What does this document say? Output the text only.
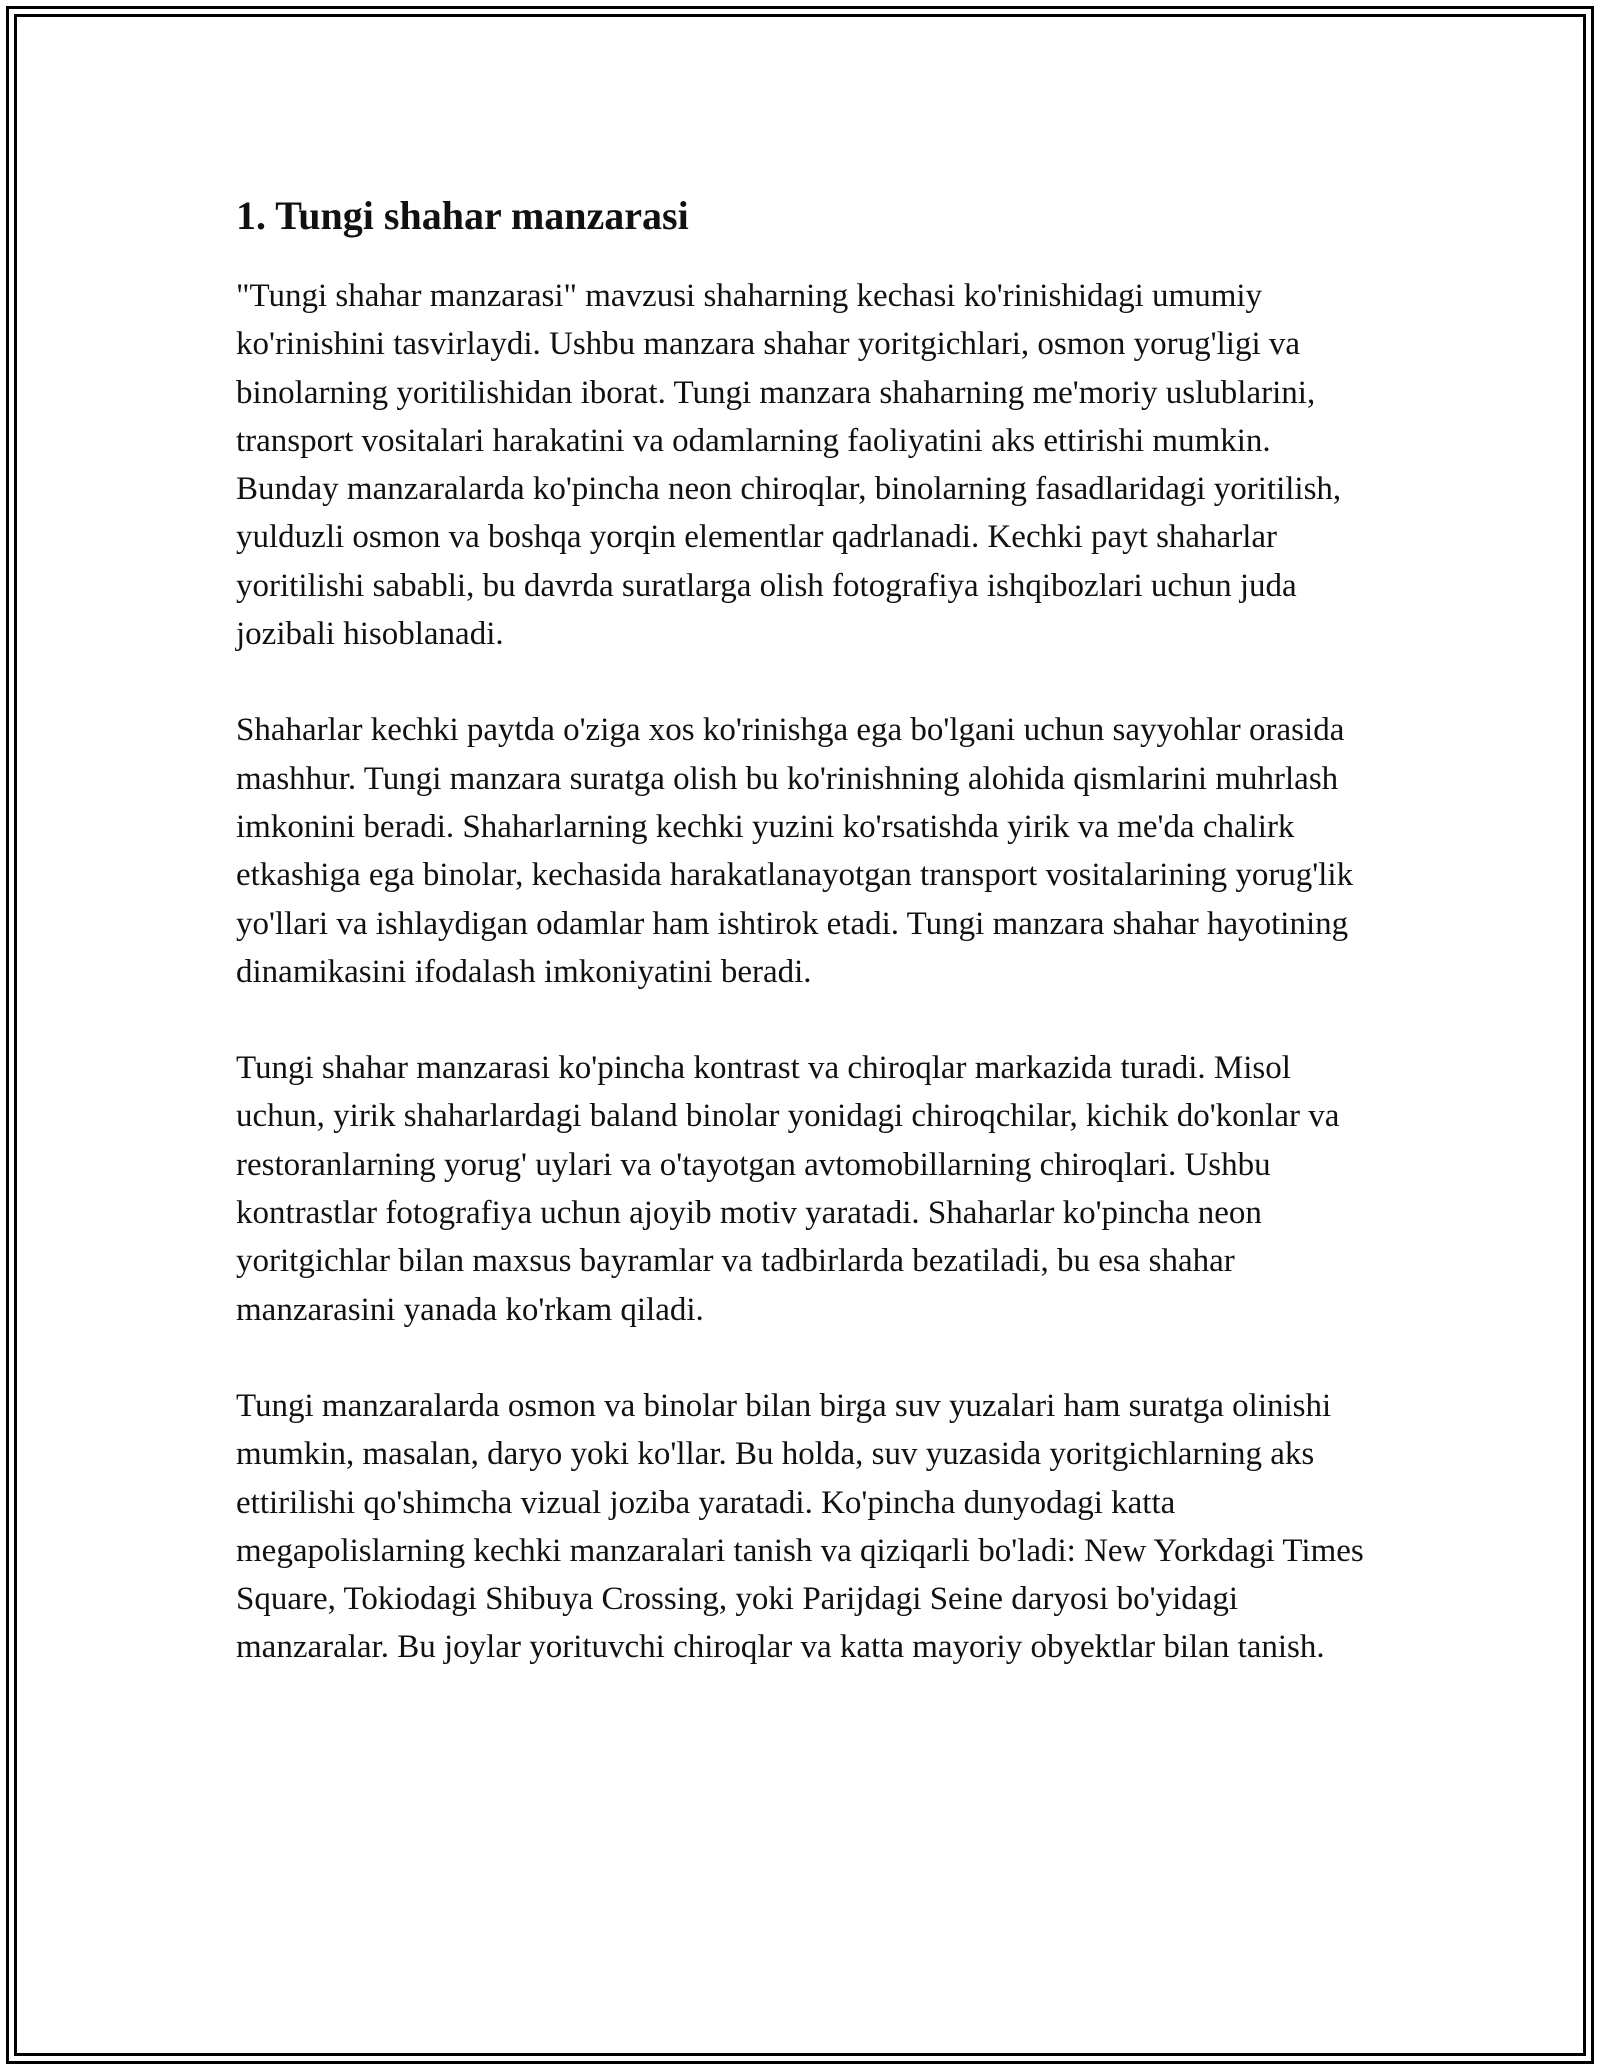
1. Tungi shahar manzarasi

"Tungi shahar manzarasi" mavzusi shaharning kechasi ko'rinishidagi umumiy ko'rinishini tasvirlaydi. Ushbu manzara shahar yoritgichlari, osmon yorug'ligi va binolarning yoritilishidan iborat. Tungi manzara shaharning me'moriy uslublarini, transport vositalari harakatini va odamlarning faoliyatini aks ettirishi mumkin. Bunday manzaralarda ko'pincha neon chiroqlar, binolarning fasadlaridagi yoritilish, yulduzli osmon va boshqa yorqin elementlar qadrlanadi. Kechki payt shaharlar yoritilishi sababli, bu davrda suratlarga olish fotografiya ishqibozlari uchun juda jozibali hisoblanadi.

Shaharlar kechki paytda o'ziga xos ko'rinishga ega bo'lgani uchun sayyohlar orasida mashhur. Tungi manzara suratga olish bu ko'rinishning alohida qismlarini muhrlash imkonini beradi. Shaharlarning kechki yuzini ko'rsatishda yirik va me'da chalirk etkashiga ega binolar, kechasida harakatlanayotgan transport vositalarining yorug'lik yo'llari va ishlaydigan odamlar ham ishtirok etadi. Tungi manzara shahar hayotining dinamikasini ifodalash imkoniyatini beradi.

Tungi shahar manzarasi ko'pincha kontrast va chiroqlar markazida turadi. Misol uchun, yirik shaharlardagi baland binolar yonidagi chiroqchilar, kichik do'konlar va restoranlarning yorug' uylari va o'tayotgan avtomobillarning chiroqlari. Ushbu kontrastlar fotografiya uchun ajoyib motiv yaratadi. Shaharlar ko'pincha neon yoritgichlar bilan maxsus bayramlar va tadbirlarda bezatiladi, bu esa shahar manzarasini yanada ko'rkam qiladi.

Tungi manzaralarda osmon va binolar bilan birga suv yuzalari ham suratga olinishi mumkin, masalan, daryo yoki ko'llar. Bu holda, suv yuzasida yoritgichlarning aks ettirilishi qo'shimcha vizual joziba yaratadi. Ko'pincha dunyodagi katta megapolislarning kechki manzaralari tanish va qiziqarli bo'ladi: New Yorkdagi Times Square, Tokiodagi Shibuya Crossing, yoki Parijdagi Seine daryosi bo'yidagi manzaralar. Bu joylar yorituvchi chiroqlar va katta mayoriy obyektlar bilan tanish.
